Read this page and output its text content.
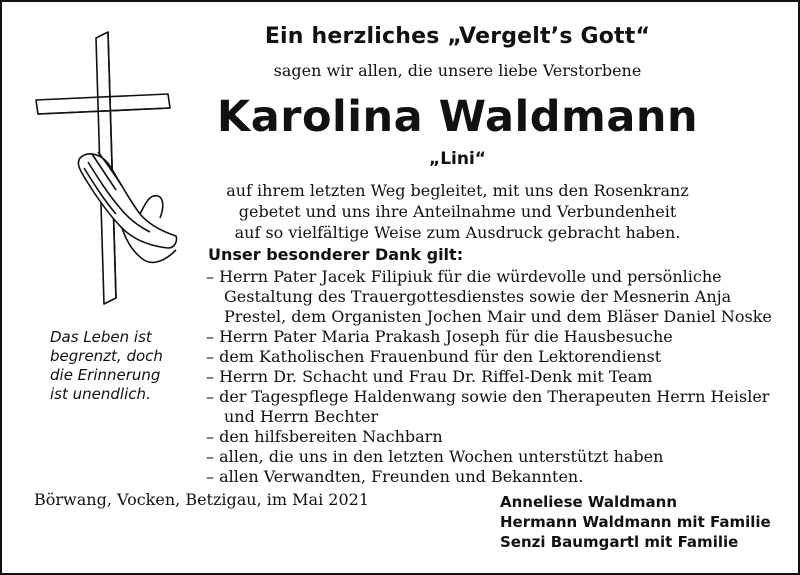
Ein herzliches „Vergelt’s Gott“
sagen wir allen, die unsere liebe Verstorbene
Karolina Waldmann
„Lini“
auf ihrem letzten Weg begleitet, mit uns den Rosenkranz
gebetet und uns ihre Anteilnahme und Verbundenheit
auf so vielfältige Weise zum Ausdruck gebracht haben.
Unser besonderer Dank gilt:
– Herrn Pater Jacek Filipiuk für die würdevolle und persönliche
Gestaltung des Trauergottesdienstes sowie der Mesnerin Anja
Prestel, dem Organisten Jochen Mair und dem Bläser Daniel Noske
– Herrn Pater Maria Prakash Joseph für die Hausbesuche
– dem Katholischen Frauenbund für den Lektorendienst
– Herrn Dr. Schacht und Frau Dr. Riffel-Denk mit Team
– der Tagespflege Haldenwang sowie den Therapeuten Herrn Heisler
und Herrn Bechter
– den hilfsbereiten Nachbarn
– allen, die uns in den letzten Wochen unterstützt haben
– allen Verwandten, Freunden und Bekannten.
Das Leben ist
begrenzt, doch
die Erinnerung
ist unendlich.
Börwang, Vocken, Betzigau, im Mai 2021	Anneliese Waldmann
Hermann Waldmann mit Familie
Senzi Baumgartl mit Familie
